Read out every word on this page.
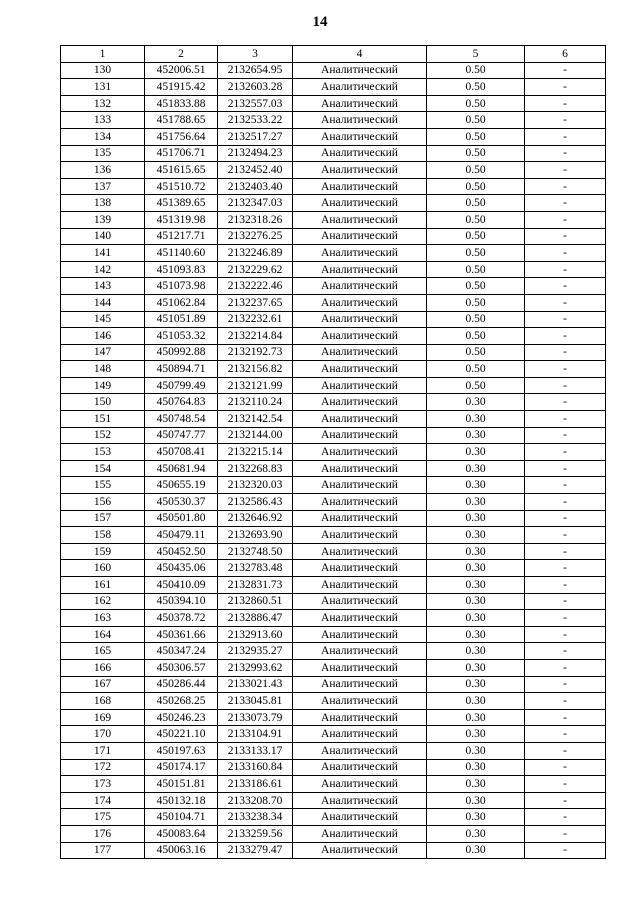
14
1	2	3	4	5	6
130	452006.51	2132654.95	Аналитический	0.50	-
131	451915.42	2132603.28	Аналитический	0.50	-
132	451833.88	2132557.03	Аналитический	0.50	-
133	451788.65	2132533.22	Аналитический	0.50	-
134	451756.64	2132517.27	Аналитический	0.50	-
135	451706.71	2132494.23	Аналитический	0.50	-
136	451615.65	2132452.40	Аналитический	0.50	-
137	451510.72	2132403.40	Аналитический	0.50	-
138	451389.65	2132347.03	Аналитический	0.50	-
139	451319.98	2132318.26	Аналитический	0.50	-
140	451217.71	2132276.25	Аналитический	0.50	-
141	451140.60	2132246.89	Аналитический	0.50	-
142	451093.83	2132229.62	Аналитический	0.50	-
143	451073.98	2132222.46	Аналитический	0.50	-
144	451062.84	2132237.65	Аналитический	0.50	-
145	451051.89	2132232.61	Аналитический	0.50	-
146	451053.32	2132214.84	Аналитический	0.50	-
147	450992.88	2132192.73	Аналитический	0.50	-
148	450894.71	2132156.82	Аналитический	0.50	-
149	450799.49	2132121.99	Аналитический	0.50	-
150	450764.83	2132110.24	Аналитический	0.30	-
151	450748.54	2132142.54	Аналитический	0.30	-
152	450747.77	2132144.00	Аналитический	0.30	-
153	450708.41	2132215.14	Аналитический	0.30	-
154	450681.94	2132268.83	Аналитический	0.30	-
155	450655.19	2132320.03	Аналитический	0.30	-
156	450530.37	2132586.43	Аналитический	0.30	-
157	450501.80	2132646.92	Аналитический	0.30	-
158	450479.11	2132693.90	Аналитический	0.30	-
159	450452.50	2132748.50	Аналитический	0.30	-
160	450435.06	2132783.48	Аналитический	0.30	-
161	450410.09	2132831.73	Аналитический	0.30	-
162	450394.10	2132860.51	Аналитический	0.30	-
163	450378.72	2132886.47	Аналитический	0.30	-
164	450361.66	2132913.60	Аналитический	0.30	-
165	450347.24	2132935.27	Аналитический	0.30	-
166	450306.57	2132993.62	Аналитический	0.30	-
167	450286.44	2133021.43	Аналитический	0.30	-
168	450268.25	2133045.81	Аналитический	0.30	-
169	450246.23	2133073.79	Аналитический	0.30	-
170	450221.10	2133104.91	Аналитический	0.30	-
171	450197.63	2133133.17	Аналитический	0.30	-
172	450174.17	2133160.84	Аналитический	0.30	-
173	450151.81	2133186.61	Аналитический	0.30	-
174	450132.18	2133208.70	Аналитический	0.30	-
175	450104.71	2133238.34	Аналитический	0.30	-
176	450083.64	2133259.56	Аналитический	0.30	-
177	450063.16	2133279.47	Аналитический	0.30	-
